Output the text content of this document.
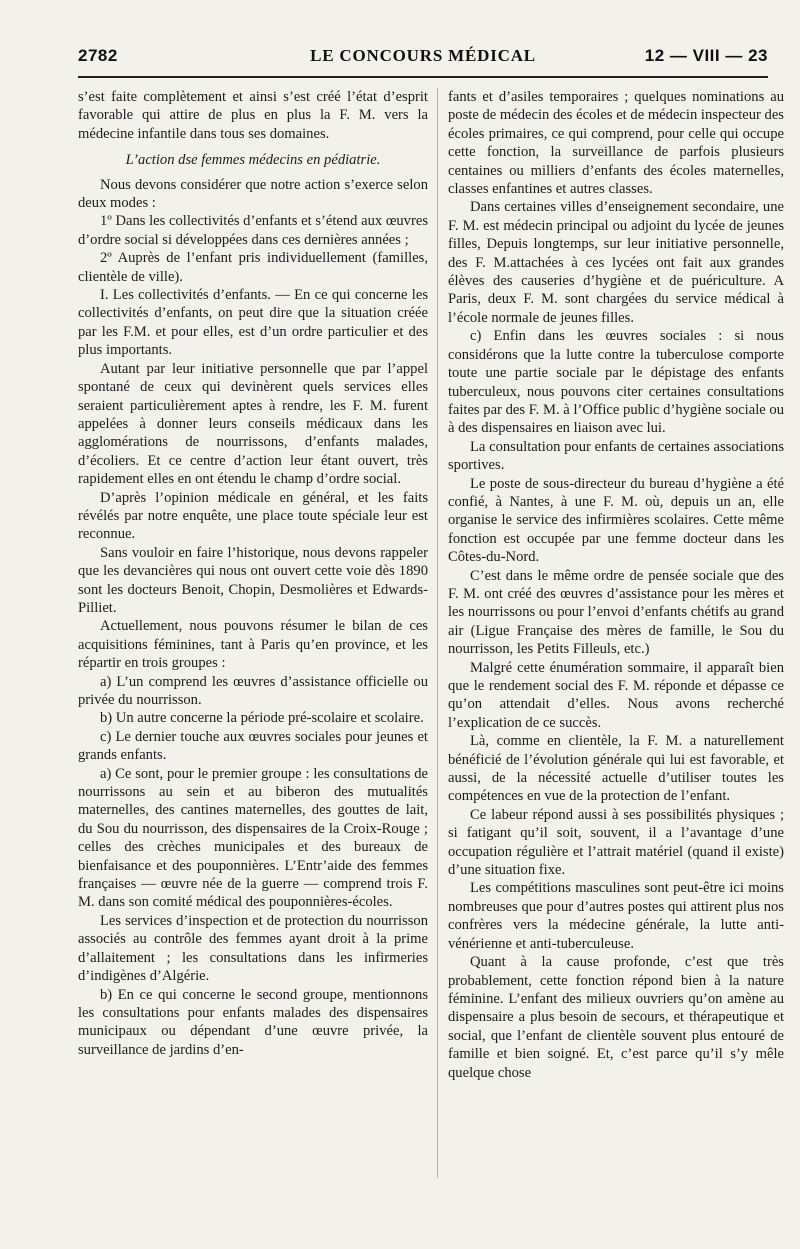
2782	LE CONCOURS MÉDICAL	12 — VIII — 23

s’est faite complètement et ainsi s’est créé l’état d’esprit favorable qui attire de plus en plus la F. M. vers la médecine infantile dans tous ses domaines.

L’action dse femmes médecins en pédiatrie.

Nous devons considérer que notre action s’exerce selon deux modes :

1º Dans les collectivités d’enfants et s’étend aux œuvres d’ordre social si développées dans ces dernières années ;

2º Auprès de l’enfant pris individuellement (familles, clientèle de ville).

I. Les collectivités d’enfants. — En ce qui concerne les collectivités d’enfants, on peut dire que la situation créée par les F.M. et pour elles, est d’un ordre particulier et des plus importants.

Autant par leur initiative personnelle que par l’appel spontané de ceux qui devinèrent quels services elles seraient particulièrement aptes à rendre, les F. M. furent appelées à donner leurs conseils médicaux dans les agglomérations de nourrissons, d’enfants malades, d’écoliers. Et ce centre d’action leur étant ouvert, très rapidement elles en ont étendu le champ d’ordre social.

D’après l’opinion médicale en général, et les faits révélés par notre enquête, une place toute spéciale leur est reconnue.

Sans vouloir en faire l’historique, nous devons rappeler que les devancières qui nous ont ouvert cette voie dès 1890 sont les docteurs Benoit, Chopin, Desmolières et Edwards-Pilliet.

Actuellement, nous pouvons résumer le bilan de ces acquisitions féminines, tant à Paris qu’en province, et les répartir en trois groupes :

a) L’un comprend les œuvres d’assistance officielle ou privée du nourrisson.

b) Un autre concerne la période pré-scolaire et scolaire.

c) Le dernier touche aux œuvres sociales pour jeunes et grands enfants.

a) Ce sont, pour le premier groupe : les consultations de nourrissons au sein et au biberon des mutualités maternelles, des cantines maternelles, des gouttes de lait, du Sou du nourrisson, des dispensaires de la Croix-Rouge ; celles des crèches municipales et des bureaux de bienfaisance et des pouponnières. L’Entr’aide des femmes françaises — œuvre née de la guerre — comprend trois F. M. dans son comité médical des pouponnières-écoles.

Les services d’inspection et de protection du nourrisson associés au contrôle des femmes ayant droit à la prime d’allaitement ; les consultations dans les infirmeries d’indigènes d’Algérie.

b) En ce qui concerne le second groupe, mentionnons les consultations pour enfants malades des dispensaires municipaux ou dépendant d’une œuvre privée, la surveillance de jardins d’en-

fants et d’asiles temporaires ; quelques nominations au poste de médecin des écoles et de médecin inspecteur des écoles primaires, ce qui comprend, pour celle qui occupe cette fonction, la surveillance de parfois plusieurs centaines ou milliers d’enfants des écoles maternelles, classes enfantines et autres classes.

Dans certaines villes d’enseignement secondaire, une F. M. est médecin principal ou adjoint du lycée de jeunes filles, Depuis longtemps, sur leur initiative personnelle, des F. M.attachées à ces lycées ont fait aux grandes élèves des causeries d’hygiène et de puériculture. A Paris, deux F. M. sont chargées du service médical à l’école normale de jeunes filles.

c) Enfin dans les œuvres sociales : si nous considérons que la lutte contre la tuberculose comporte toute une partie sociale par le dépistage des enfants tuberculeux, nous pouvons citer certaines consultations faites par des F. M. à l’Office public d’hygiène sociale ou à des dispensaires en liaison avec lui.

La consultation pour enfants de certaines associations sportives.

Le poste de sous-directeur du bureau d’hygiène a été confié, à Nantes, à une F. M. où, depuis un an, elle organise le service des infirmières scolaires. Cette même fonction est occupée par une femme docteur dans les Côtes-du-Nord.

C’est dans le même ordre de pensée sociale que des F. M. ont créé des œuvres d’assistance pour les mères et les nourrissons ou pour l’envoi d’enfants chétifs au grand air (Ligue Française des mères de famille, le Sou du nourrisson, les Petits Filleuls, etc.)

Malgré cette énumération sommaire, il apparaît bien que le rendement social des F. M. réponde et dépasse ce qu’on attendait d’elles. Nous avons recherché l’explication de ce succès.

Là, comme en clientèle, la F. M. a naturellement bénéficié de l’évolution générale qui lui est favorable, et aussi, de la nécessité actuelle d’utiliser toutes les compétences en vue de la protection de l’enfant.

Ce labeur répond aussi à ses possibilités physiques ; si fatigant qu’il soit, souvent, il a l’avantage d’une occupation régulière et l’attrait matériel (quand il existe) d’une situation fixe.

Les compétitions masculines sont peut-être ici moins nombreuses que pour d’autres postes qui attirent plus nos confrères vers la médecine générale, la lutte anti-vénérienne et anti-tuberculeuse.

Quant à la cause profonde, c’est que très probablement, cette fonction répond bien à la nature féminine. L’enfant des milieux ouvriers qu’on amène au dispensaire a plus besoin de secours, et thérapeutique et social, que l’enfant de clientèle souvent plus entouré de famille et bien soigné. Et, c’est parce qu’il s’y mêle quelque chose
